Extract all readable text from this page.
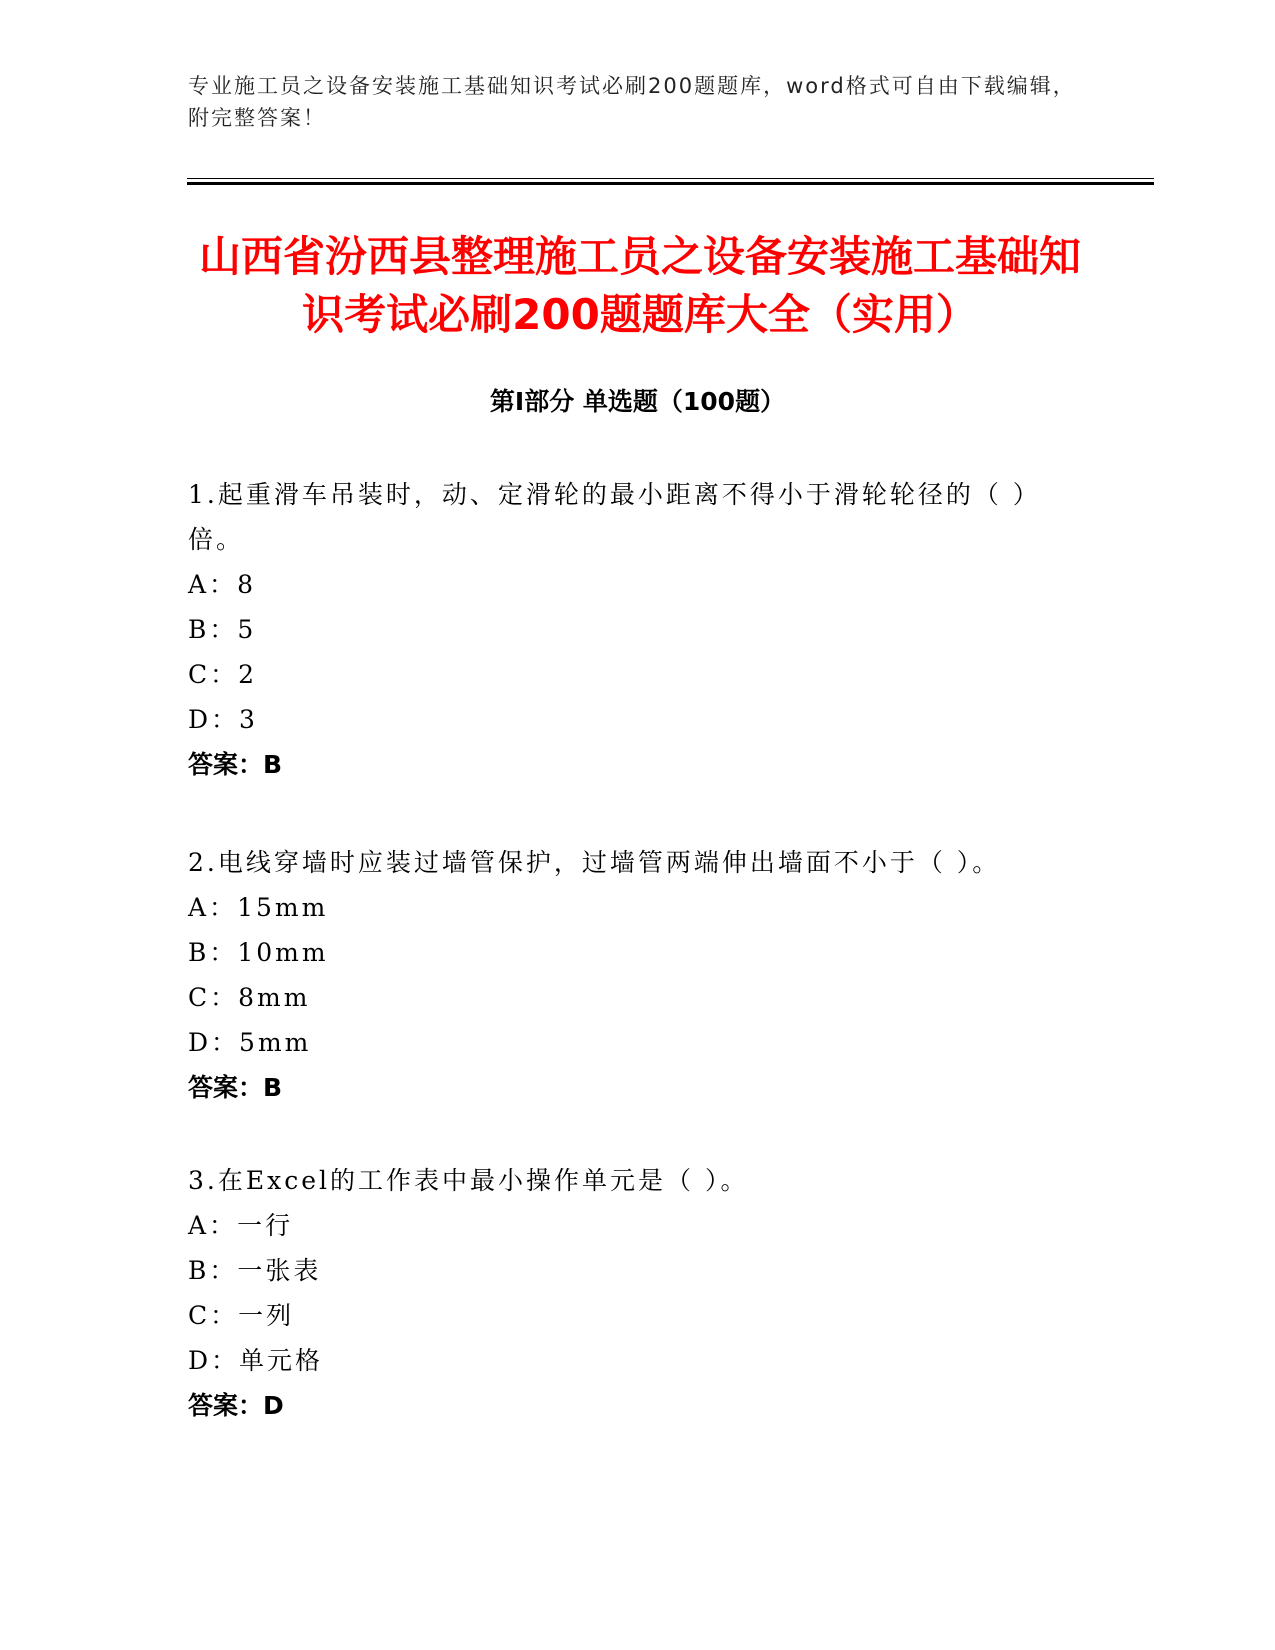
专业施工员之设备安装施工基础知识考试必刷200题题库，word格式可自由下载编辑，附完整答案！
山西省汾西县整理施工员之设备安装施工基础知识考试必刷200题题库大全（实用）
第Ⅰ部分 单选题（100题）

1.起重滑车吊装时，动、定滑轮的最小距离不得小于滑轮轮径的（ ）倍。

A：8

B：5

C：2

D：3

答案：B

2.电线穿墙时应装过墙管保护，过墙管两端伸出墙面不小于（ ）。

A：15mm

B：10mm

C：8mm

D：5mm

答案：B

3.在Excel的工作表中最小操作单元是（ ）。

A：一行

B：一张表

C：一列

D：单元格

答案：D
